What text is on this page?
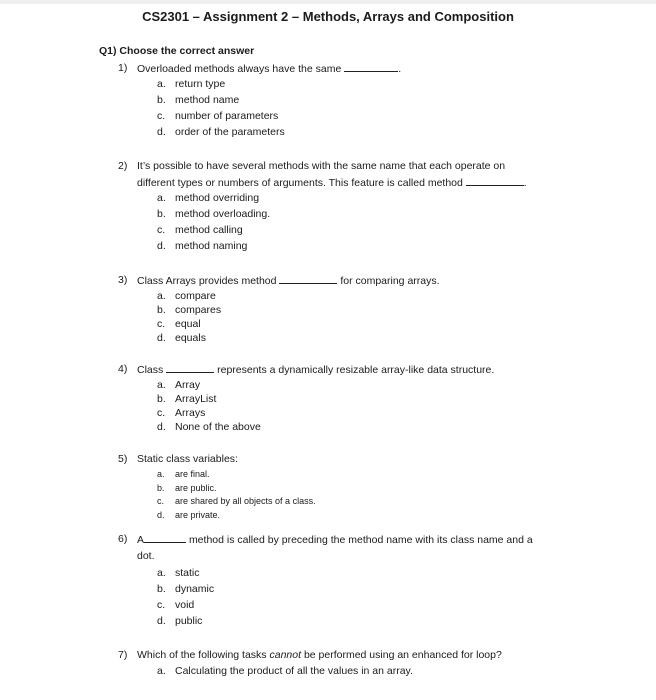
CS2301 – Assignment 2 – Methods, Arrays and Composition
Q1) Choose the correct answer
1) Overloaded methods always have the same	.
a. return type
b. method name
c. number of parameters
d. order of the parameters
2) It’s possible to have several methods with the same name that each operate on different types or numbers of arguments. This feature is called method	.
a. method overriding
b. method overloading.
c. method calling
d. method naming
3) Class Arrays provides method	for comparing arrays.
a. compare
b. compares
c. equal
d. equals
4) Class	represents a dynamically resizable array-like data structure.
a. Array
b. ArrayList
c. Arrays
d. None of the above
5) Static class variables:
a. are final.
b. are public.
c. are shared by all objects of a class.
d. are private.
6) A	method is called by preceding the method name with its class name and a dot.
a. static
b. dynamic
c. void
d. public
7) Which of the following tasks cannot be performed using an enhanced for loop?
a. Calculating the product of all the values in an array.
